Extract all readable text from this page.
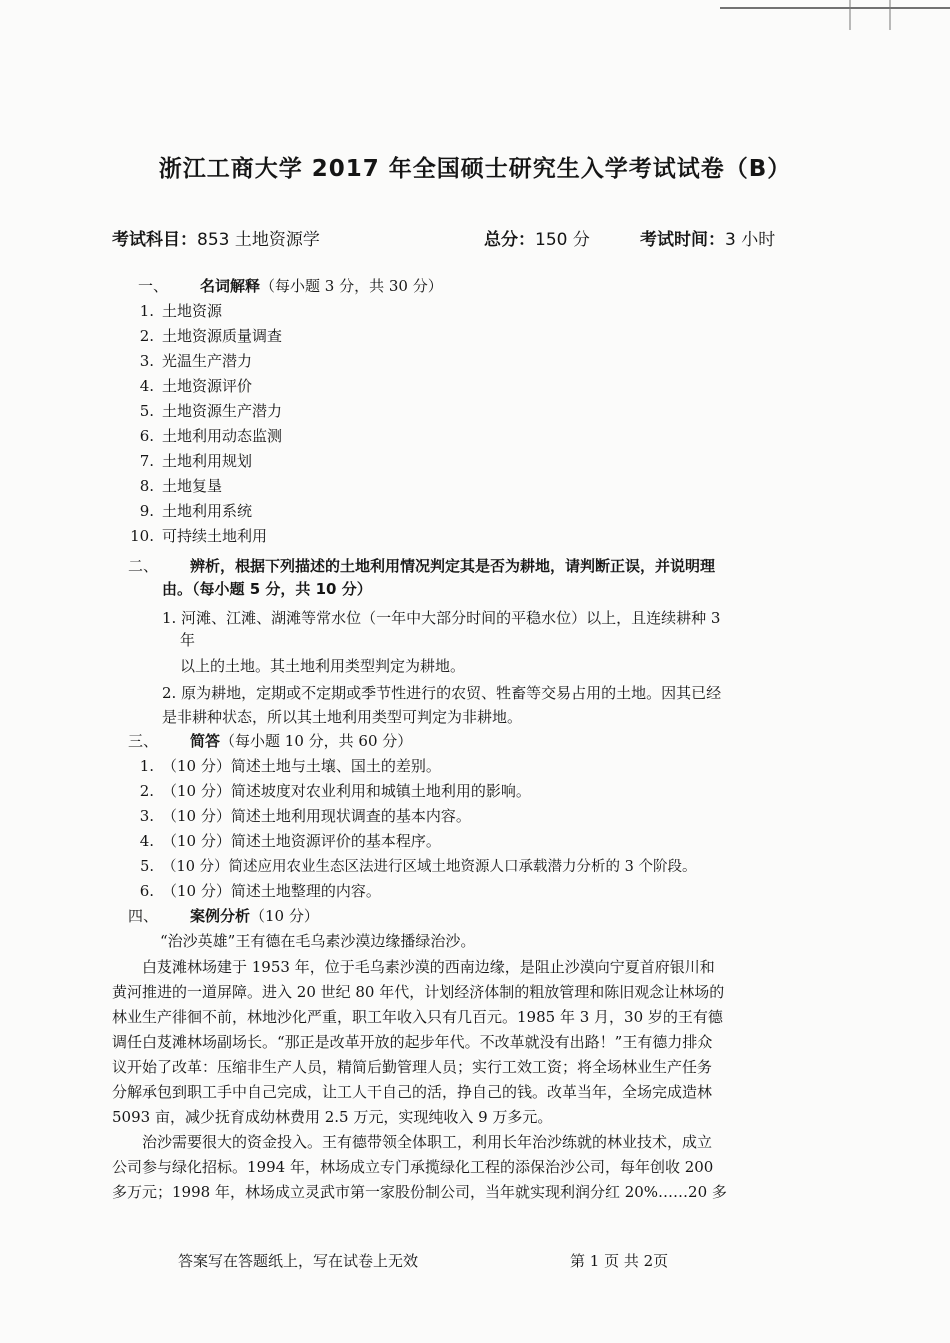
浙江工商大学 2017 年全国硕士研究生入学考试试卷（B）
考试科目：853 土地资源学	总分：150 分	考试时间：3 小时
一、 名词解释（每小题 3 分，共 30 分）
1. 土地资源
2. 土地资源质量调查
3. 光温生产潜力
4. 土地资源评价
5. 土地资源生产潜力
6. 土地利用动态监测
7. 土地利用规划
8. 土地复垦
9. 土地利用系统
10. 可持续土地利用
二、 辨析，根据下列描述的土地利用情况判定其是否为耕地，请判断正误，并说明理
由。（每小题 5 分，共 10 分）
1. 河滩、江滩、湖滩等常水位（一年中大部分时间的平稳水位）以上，且连续耕种 3
年
以上的土地。其土地利用类型判定为耕地。
2. 原为耕地，定期或不定期或季节性进行的农贸、牲畜等交易占用的土地。因其已经
是非耕种状态，所以其土地利用类型可判定为非耕地。
三、 简答（每小题 10 分，共 60 分）
1. （10 分）简述土地与土壤、国土的差别。
2. （10 分）简述坡度对农业利用和城镇土地利用的影响。
3. （10 分）简述土地利用现状调查的基本内容。
4. （10 分）简述土地资源评价的基本程序。
5. （10 分）简述应用农业生态区法进行区域土地资源人口承载潜力分析的 3 个阶段。
6. （10 分）简述土地整理的内容。
四、 案例分析（10 分）
“治沙英雄”王有德在毛乌素沙漠边缘播绿治沙。
白芨滩林场建于 1953 年，位于毛乌素沙漠的西南边缘，是阻止沙漠向宁夏首府银川和
黄河推进的一道屏障。进入 20 世纪 80 年代，计划经济体制的粗放管理和陈旧观念让林场的
林业生产徘徊不前，林地沙化严重，职工年收入只有几百元。1985 年 3 月，30 岁的王有德
调任白芨滩林场副场长。“那正是改革开放的起步年代。不改革就没有出路！”王有德力排众
议开始了改革：压缩非生产人员，精简后勤管理人员；实行工效工资；将全场林业生产任务
分解承包到职工手中自己完成，让工人干自己的活，挣自己的钱。改革当年，全场完成造林
5093 亩，减少抚育成幼林费用 2.5 万元，实现纯收入 9 万多元。
治沙需要很大的资金投入。王有德带领全体职工，利用长年治沙练就的林业技术，成立
公司参与绿化招标。1994 年，林场成立专门承揽绿化工程的添保治沙公司，每年创收 200
多万元；1998 年，林场成立灵武市第一家股份制公司，当年就实现利润分红 20%……20 多
答案写在答题纸上，写在试卷上无效	第 1 页 共 2页
